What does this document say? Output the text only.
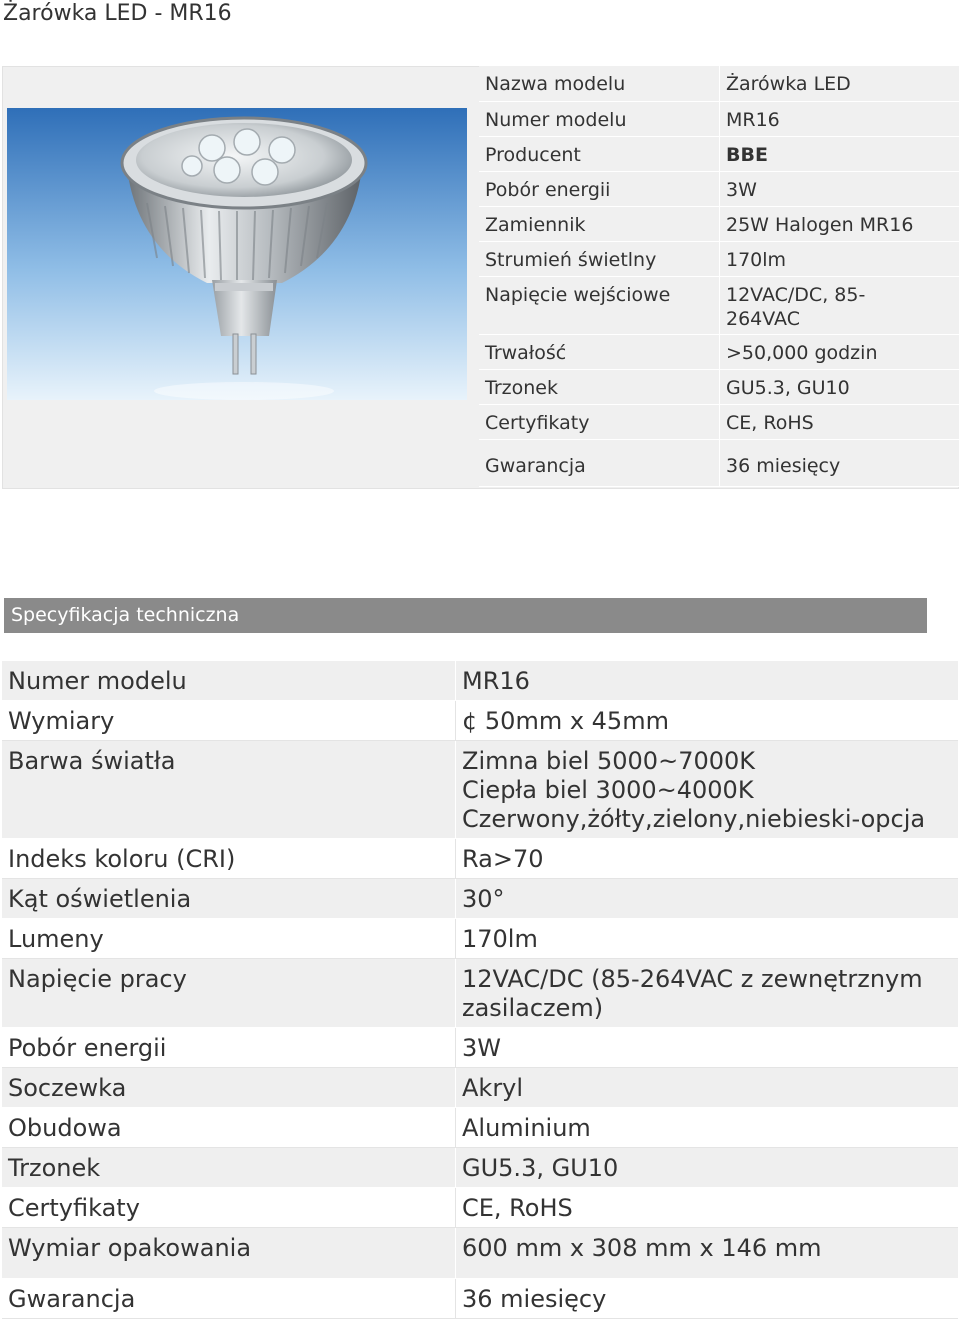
Żarówka LED - MR16
Nazwa modelu	Żarówka LED
Numer modelu	MR16
Producent	BBE
Pobór energii	3W
Zamiennik	25W Halogen MR16
Strumień świetlny	170lm
Napięcie wejściowe	12VAC/DC, 85-
264VAC
Trwałość	>50,000 godzin
Trzonek	GU5.3, GU10
Certyfikaty	CE, RoHS
Gwarancja	36 miesięcy
Specyfikacja techniczna
Numer modelu	MR16
Wymiary	¢ 50mm x 45mm
Barwa światła	Zimna biel 5000~7000K
Ciepła biel 3000~4000K
Czerwony,żółty,zielony,niebieski-opcja
Indeks koloru (CRI)	Ra>70
Kąt oświetlenia	30°
Lumeny	170lm
Napięcie pracy	12VAC/DC (85-264VAC z zewnętrznym
zasilaczem)
Pobór energii	3W
Soczewka	Akryl
Obudowa	Aluminium
Trzonek	GU5.3, GU10
Certyfikaty	CE, RoHS
Wymiar opakowania	600 mm x 308 mm x 146 mm
Gwarancja	36 miesięcy
